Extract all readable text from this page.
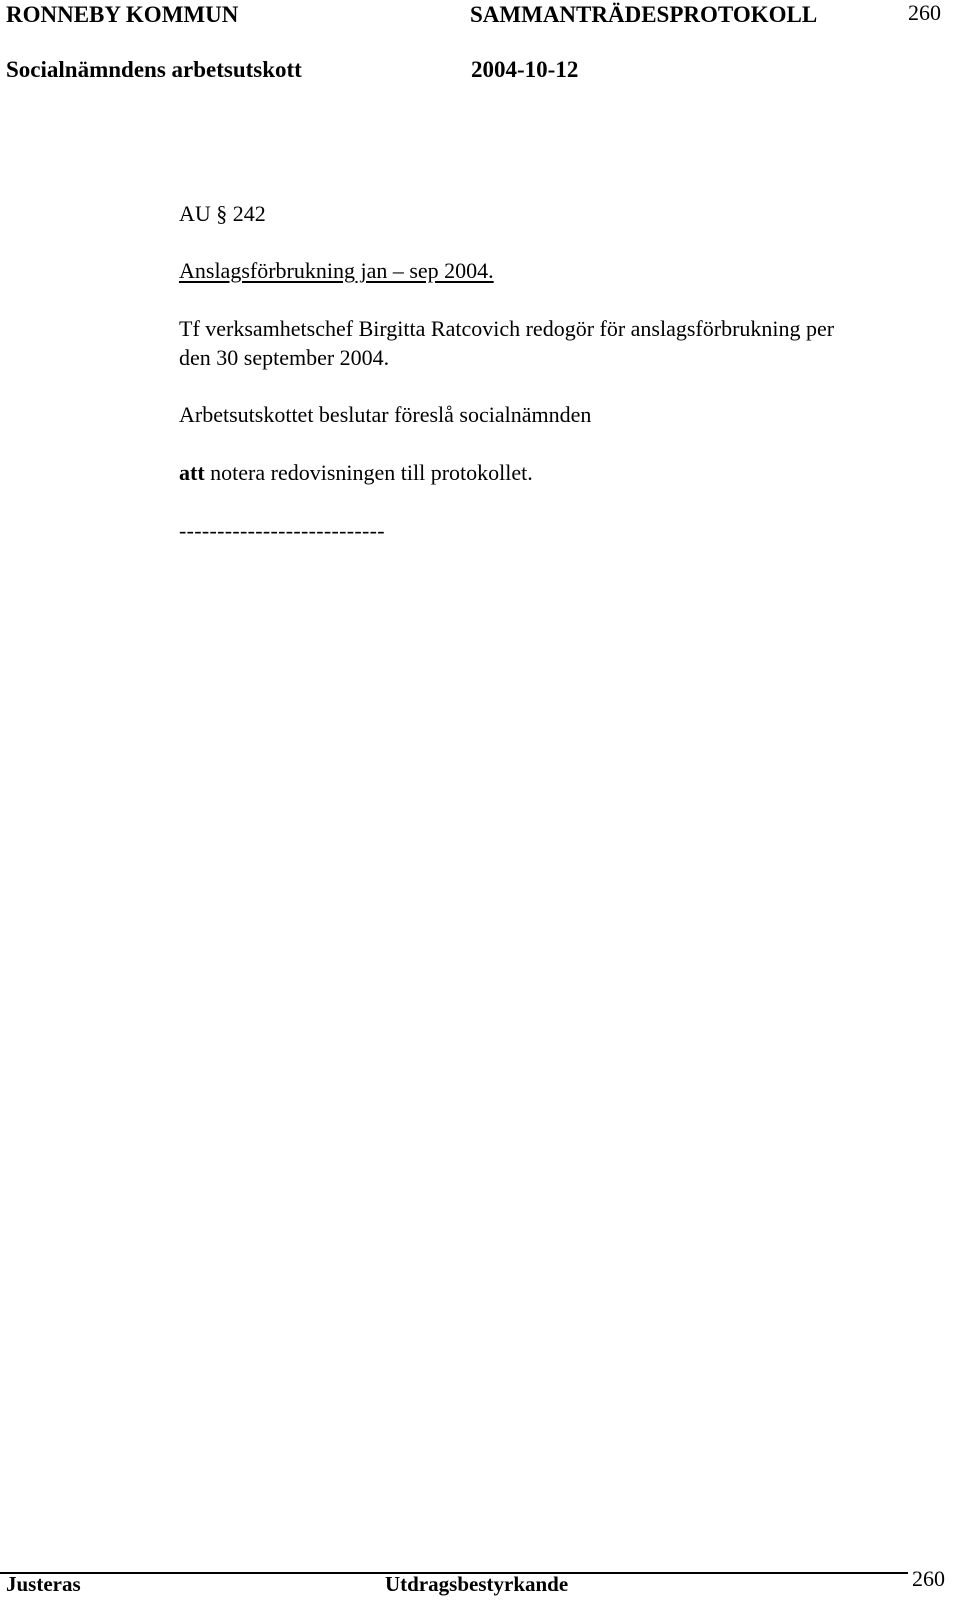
RONNEBY KOMMUN	SAMMANTRÄDESPROTOKOLL	260
Socialnämndens arbetsutskott	2004-10-12
AU § 242
Anslagsförbrukning jan – sep 2004.
Tf verksamhetschef Birgitta Ratcovich redogör för anslagsförbrukning per
den 30 september 2004.
Arbetsutskottet beslutar föreslå socialnämnden
att notera redovisningen till protokollet.
---------------------------
Justeras	Utdragsbestyrkande	260
